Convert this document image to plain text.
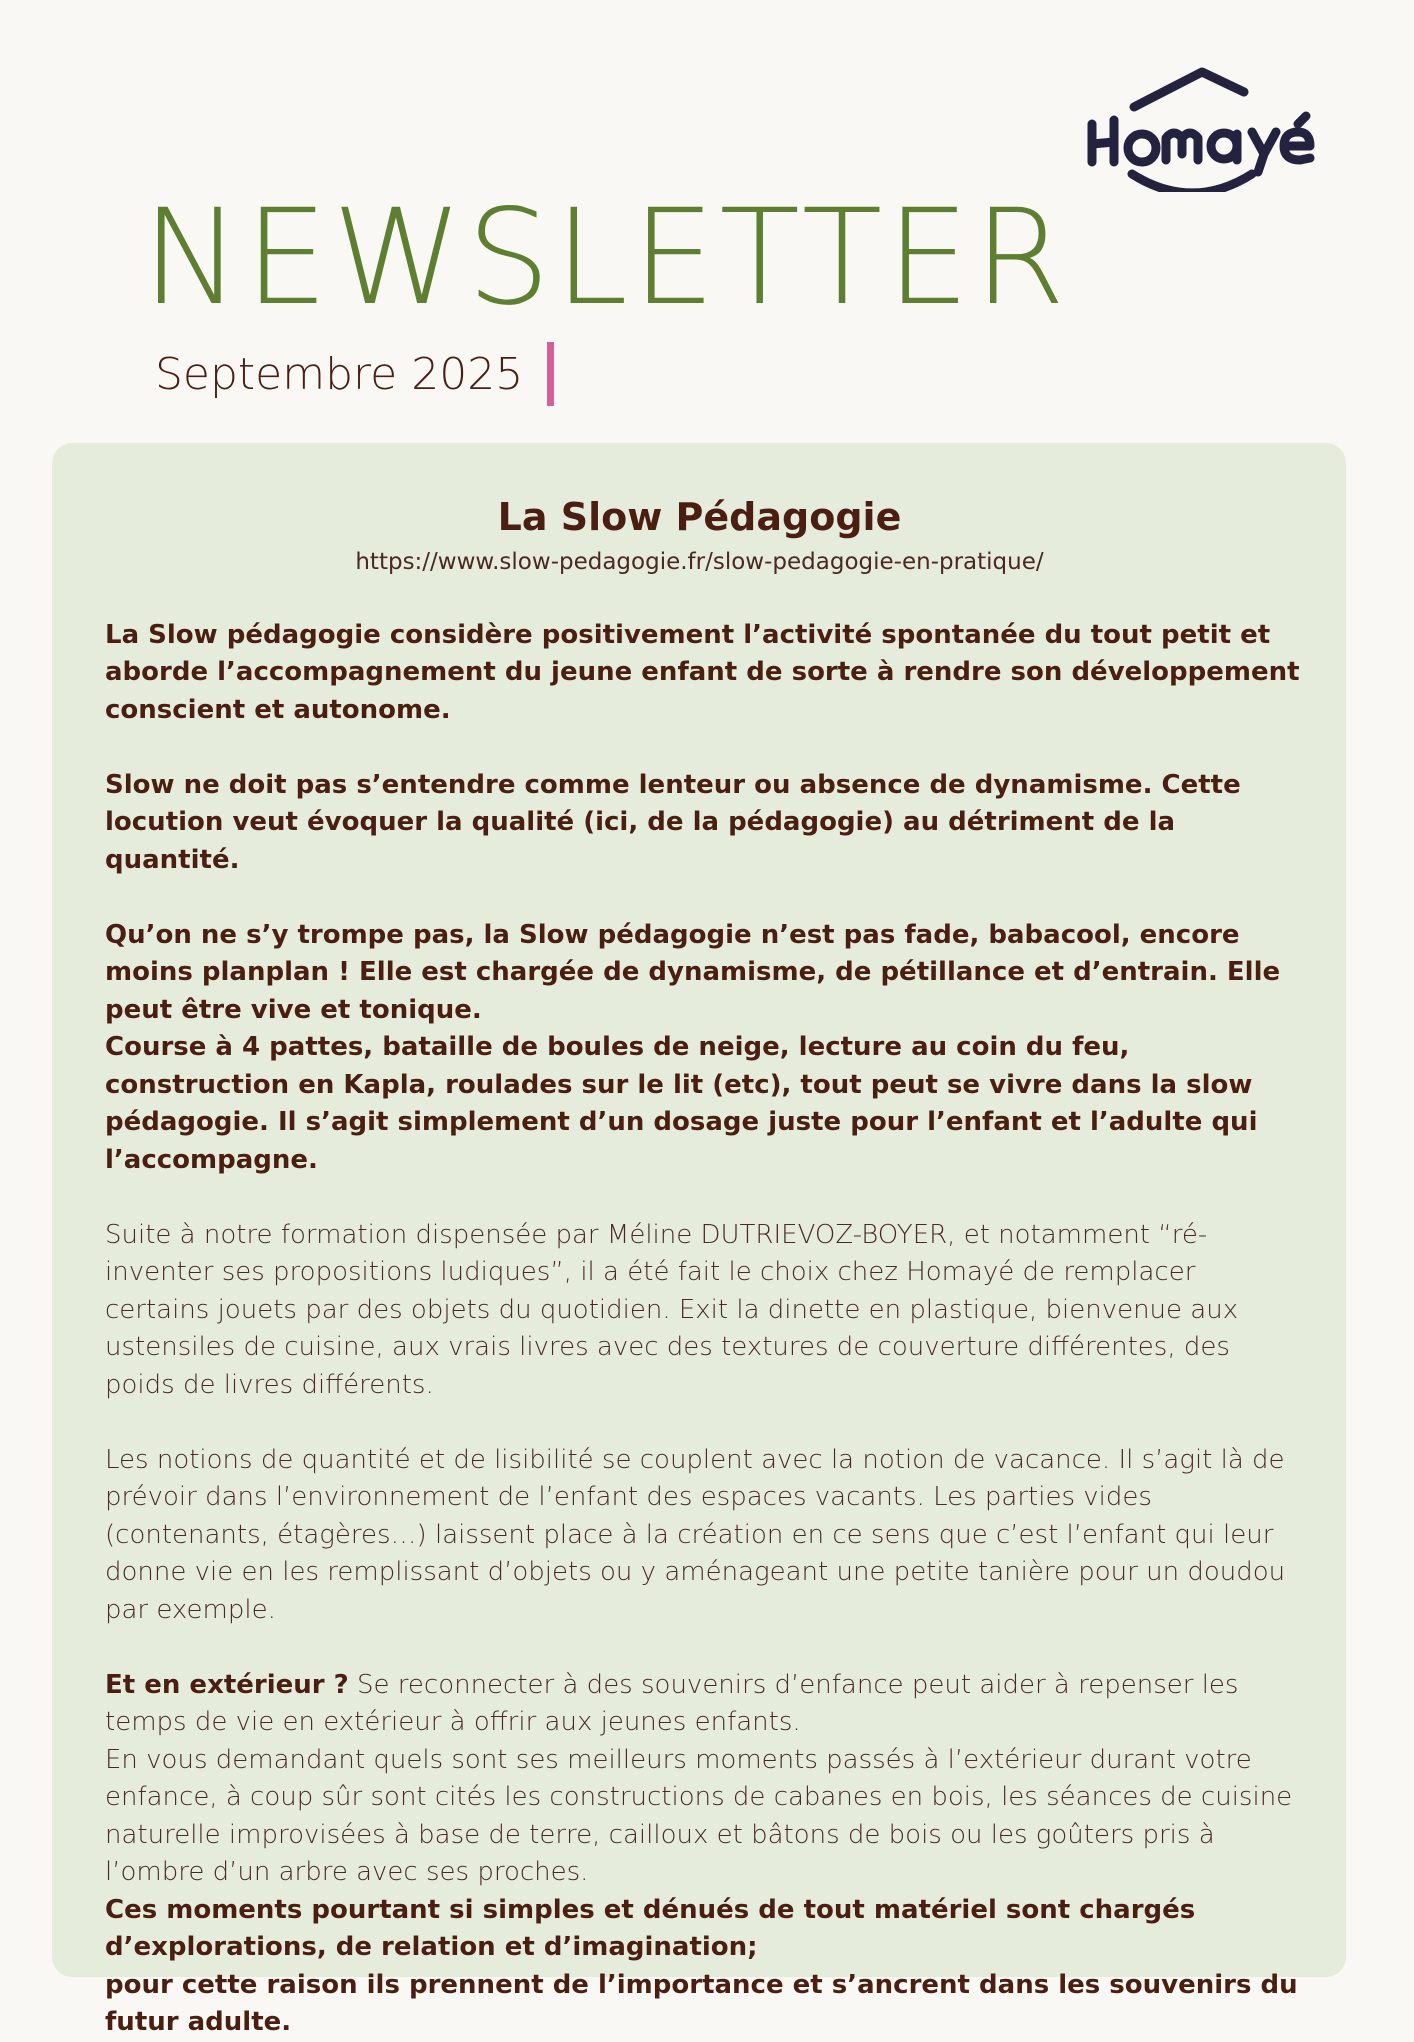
NEWSLETTER
Septembre 2025
La Slow Pédagogie
https://www.slow-pedagogie.fr/slow-pedagogie-en-pratique/

La Slow pédagogie considère positivement l’activité spontanée du tout petit et aborde l’accompagnement du jeune enfant de sorte à rendre son développement conscient et autonome.

Slow ne doit pas s’entendre comme lenteur ou absence de dynamisme. Cette locution veut évoquer la qualité (ici, de la pédagogie) au détriment de la quantité.

Qu’on ne s’y trompe pas, la Slow pédagogie n’est pas fade, babacool, encore moins planplan ! Elle est chargée de dynamisme, de pétillance et d’entrain. Elle peut être vive et tonique.

Course à 4 pattes, bataille de boules de neige, lecture au coin du feu, construction en Kapla, roulades sur le lit (etc), tout peut se vivre dans la slow pédagogie. Il s’agit simplement d’un dosage juste pour l’enfant et l’adulte qui l’accompagne.

Suite à notre formation dispensée par Méline DUTRIEVOZ-BOYER, et notamment “ré-inventer ses propositions ludiques”, il a été fait le choix chez Homayé de remplacer certains jouets par des objets du quotidien. Exit la dinette en plastique, bienvenue aux ustensiles de cuisine, aux vrais livres avec des textures de couverture différentes, des poids de livres différents.

Les notions de quantité et de lisibilité se couplent avec la notion de vacance. Il s’agit là de prévoir dans l’environnement de l’enfant des espaces vacants. Les parties vides (contenants, étagères…) laissent place à la création en ce sens que c’est l’enfant qui leur donne vie en les remplissant d’objets ou y aménageant une petite tanière pour un doudou par exemple.

Et en extérieur ? Se reconnecter à des souvenirs d’enfance peut aider à repenser les temps de vie en extérieur à offrir aux jeunes enfants.

En vous demandant quels sont ses meilleurs moments passés à l’extérieur durant votre enfance, à coup sûr sont cités les constructions de cabanes en bois, les séances de cuisine naturelle improvisées à base de terre, cailloux et bâtons de bois ou les goûters pris à l’ombre d’un arbre avec ses proches.

Ces moments pourtant si simples et dénués de tout matériel sont chargés d’explorations, de relation et d’imagination;

pour cette raison ils prennent de l’importance et s’ancrent dans les souvenirs du futur adulte.
